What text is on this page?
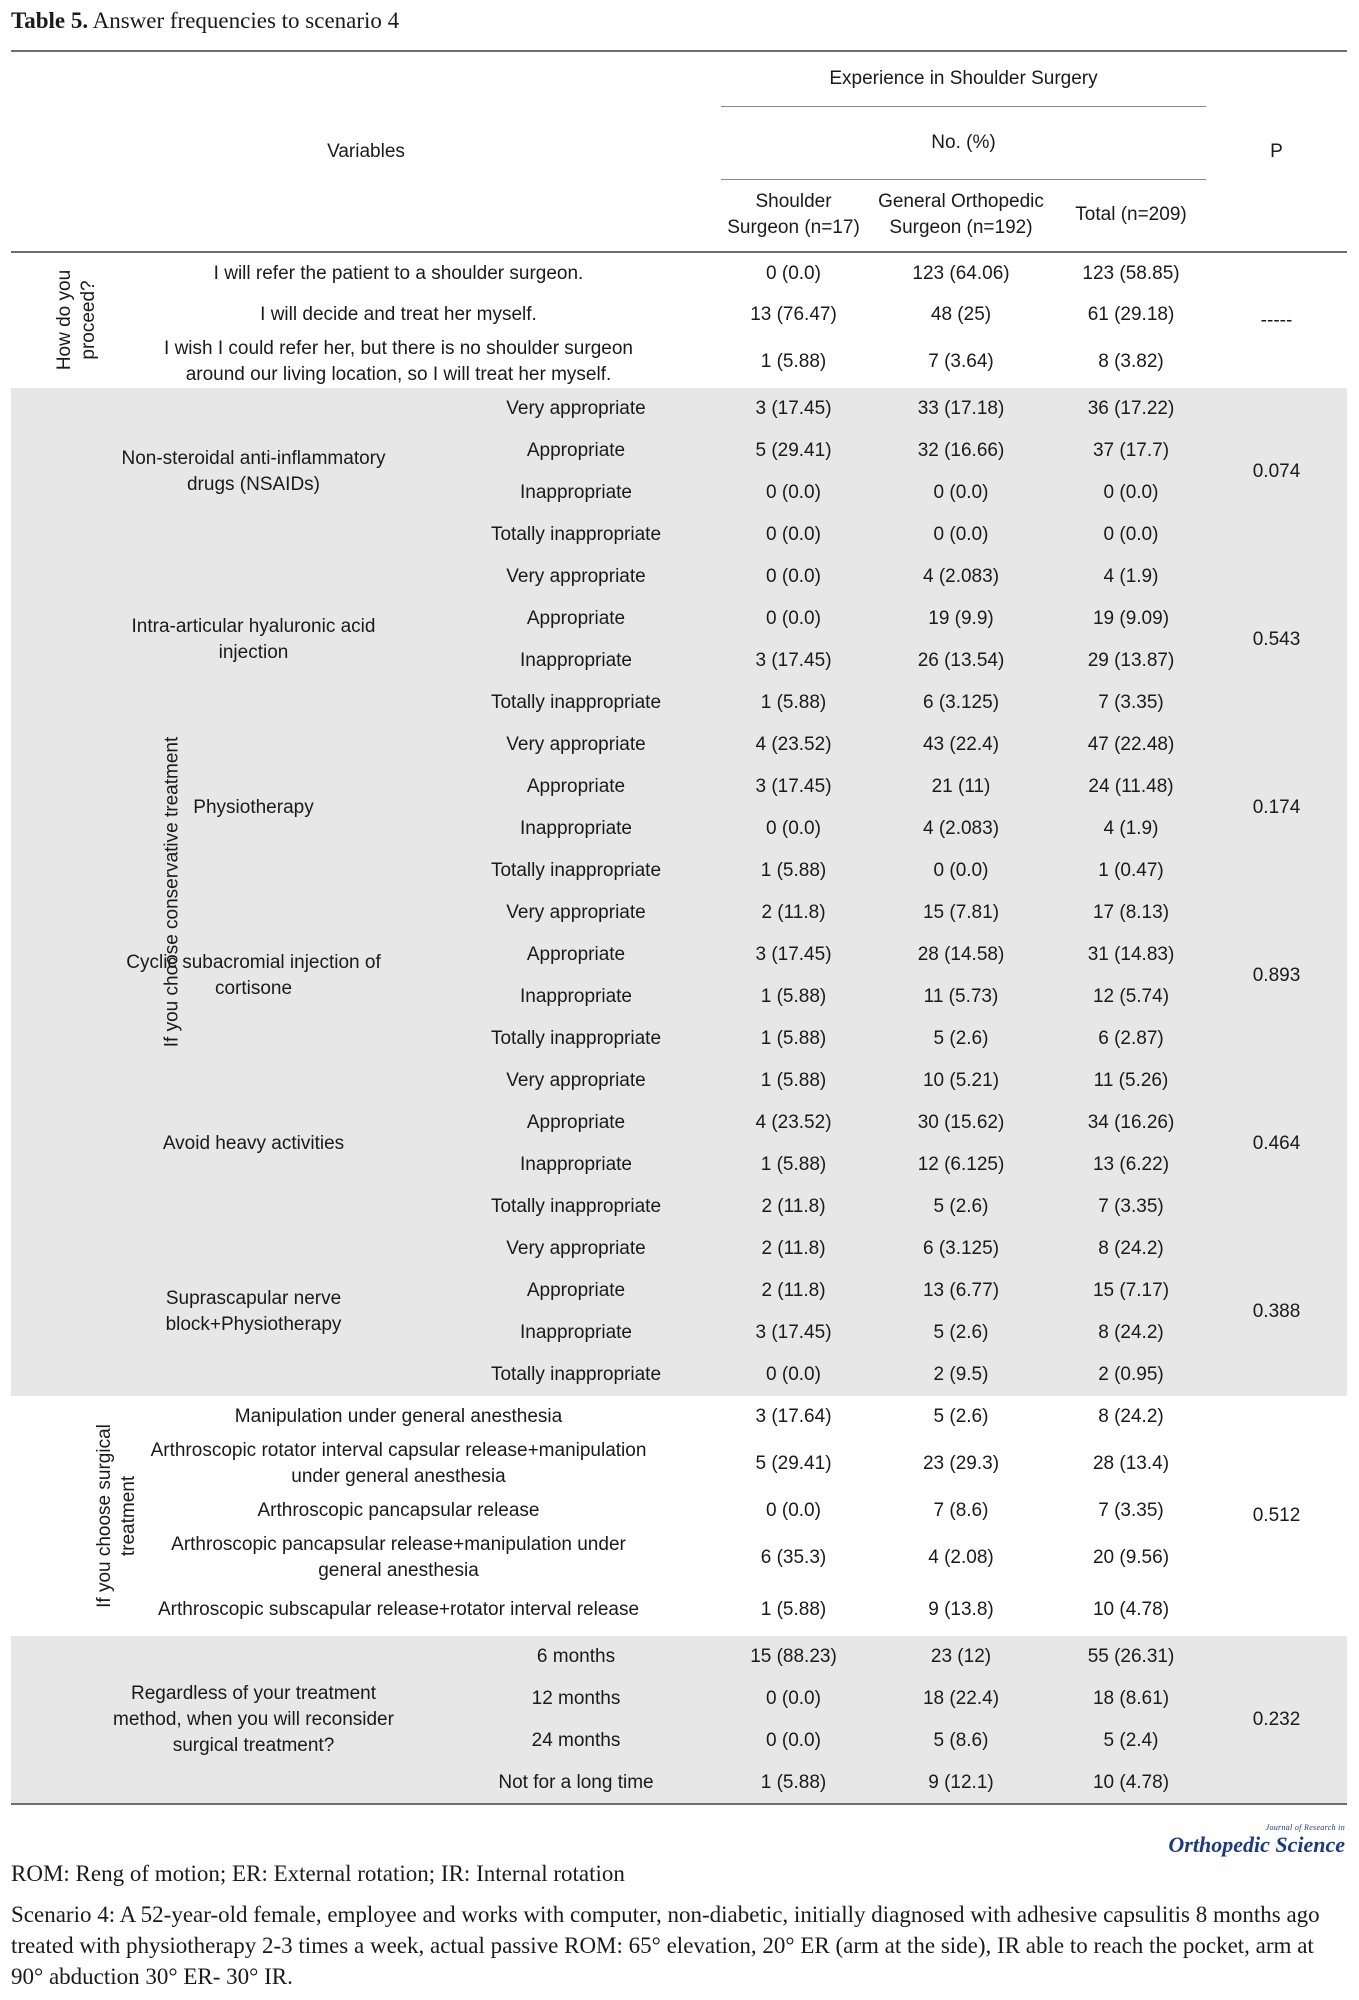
Table 5. Answer frequencies to scenario 4
Variables			Experience in Shoulder Surgery			P
			No. (%)			
			Shoulder Surgeon (n=17)	General Orthopedic Surgeon (n=192)	Total (n=209)	
How do you proceed?	I will refer the patient to a shoulder surgeon.		0 (0.0)	123 (64.06)	123 (58.85)	-----
	I will decide and treat her myself.		13 (76.47)	48 (25)	61 (29.18)	
	I wish I could refer her, but there is no shoulder surgeon around our living location, so I will treat her myself.		1 (5.88)	7 (3.64)	8 (3.82)	
If you choose conservative treatment	Non-steroidal anti-inflammatory drugs (NSAIDs)	Very appropriate	3 (17.45)	33 (17.18)	36 (17.22)	0.074
		Appropriate	5 (29.41)	32 (16.66)	37 (17.7)	
		Inappropriate	0 (0.0)	0 (0.0)	0 (0.0)	
		Totally inappropriate	0 (0.0)	0 (0.0)	0 (0.0)	
	Intra-articular hyaluronic acid injection	Very appropriate	0 (0.0)	4 (2.083)	4 (1.9)	0.543
		Appropriate	0 (0.0)	19 (9.9)	19 (9.09)	
		Inappropriate	3 (17.45)	26 (13.54)	29 (13.87)	
		Totally inappropriate	1 (5.88)	6 (3.125)	7 (3.35)	
	Physiotherapy	Very appropriate	4 (23.52)	43 (22.4)	47 (22.48)	0.174
		Appropriate	3 (17.45)	21 (11)	24 (11.48)	
		Inappropriate	0 (0.0)	4 (2.083)	4 (1.9)	
		Totally inappropriate	1 (5.88)	0 (0.0)	1 (0.47)	
	Cyclic subacromial injection of cortisone	Very appropriate	2 (11.8)	15 (7.81)	17 (8.13)	0.893
		Appropriate	3 (17.45)	28 (14.58)	31 (14.83)	
		Inappropriate	1 (5.88)	11 (5.73)	12 (5.74)	
		Totally inappropriate	1 (5.88)	5 (2.6)	6 (2.87)	
	Avoid heavy activities	Very appropriate	1 (5.88)	10 (5.21)	11 (5.26)	0.464
		Appropriate	4 (23.52)	30 (15.62)	34 (16.26)	
		Inappropriate	1 (5.88)	12 (6.125)	13 (6.22)	
		Totally inappropriate	2 (11.8)	5 (2.6)	7 (3.35)	
	Suprascapular nerve block+Physiotherapy	Very appropriate	2 (11.8)	6 (3.125)	8 (24.2)	0.388
		Appropriate	2 (11.8)	13 (6.77)	15 (7.17)	
		Inappropriate	3 (17.45)	5 (2.6)	8 (24.2)	
		Totally inappropriate	0 (0.0)	2 (9.5)	2 (0.95)	
If you choose surgical treatment	Manipulation under general anesthesia		3 (17.64)	5 (2.6)	8 (24.2)	0.512
	Arthroscopic rotator interval capsular release+manipulation under general anesthesia		5 (29.41)	23 (29.3)	28 (13.4)	
	Arthroscopic pancapsular release		0 (0.0)	7 (8.6)	7 (3.35)	
	Arthroscopic pancapsular release+manipulation under general anesthesia		6 (35.3)	4 (2.08)	20 (9.56)	
	Arthroscopic subscapular release+rotator interval release		1 (5.88)	9 (13.8)	10 (4.78)	
	Regardless of your treatment method, when you will reconsider surgical treatment?	6 months	15 (88.23)	23 (12)	55 (26.31)	0.232
		12 months	0 (0.0)	18 (22.4)	18 (8.61)	
		24 months	0 (0.0)	5 (8.6)	5 (2.4)	
		Not for a long time	1 (5.88)	9 (12.1)	10 (4.78)	
Journal of Research in
Orthopedic Science

ROM: Reng of motion; ER: External rotation; IR: Internal rotation

Scenario 4: A 52-year-old female, employee and works with computer, non-diabetic, initially diagnosed with adhesive capsulitis 8 months ago treated with physiotherapy 2-3 times a week, actual passive ROM: 65° elevation, 20° ER (arm at the side), IR able to reach the pocket, arm at 90° abduction 30° ER- 30° IR.
